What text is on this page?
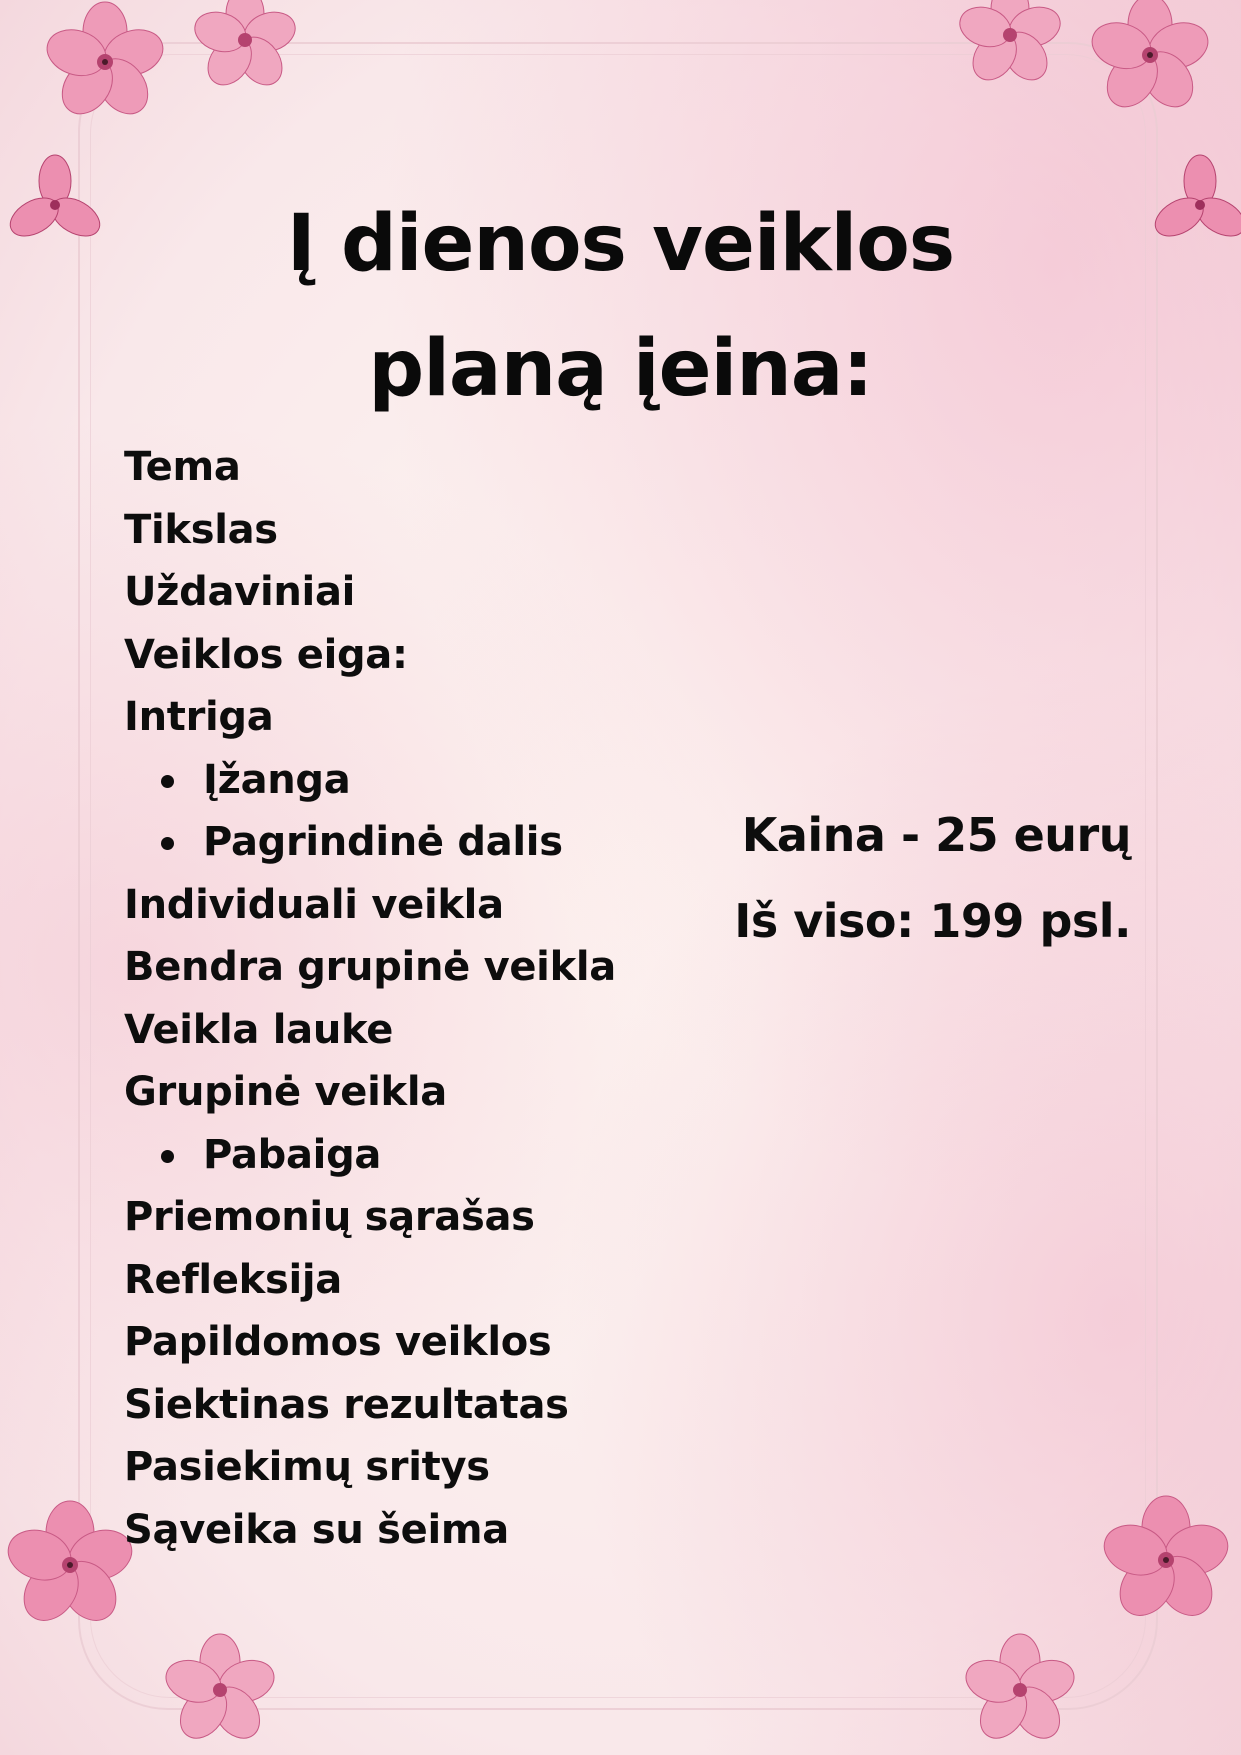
Į dienos veiklos
planą įeina:
Tema
Tikslas
Uždaviniai
Veiklos eiga:
Intriga
Įžanga
Pagrindinė dalis
Individuali veikla
Bendra grupinė veikla
Veikla lauke
Grupinė veikla
Pabaiga
Priemonių sąrašas
Refleksija
Papildomos veiklos
Siektinas rezultatas
Pasiekimų sritys
Sąveika su šeima
Kaina - 25 eurų
Iš viso: 199 psl.
